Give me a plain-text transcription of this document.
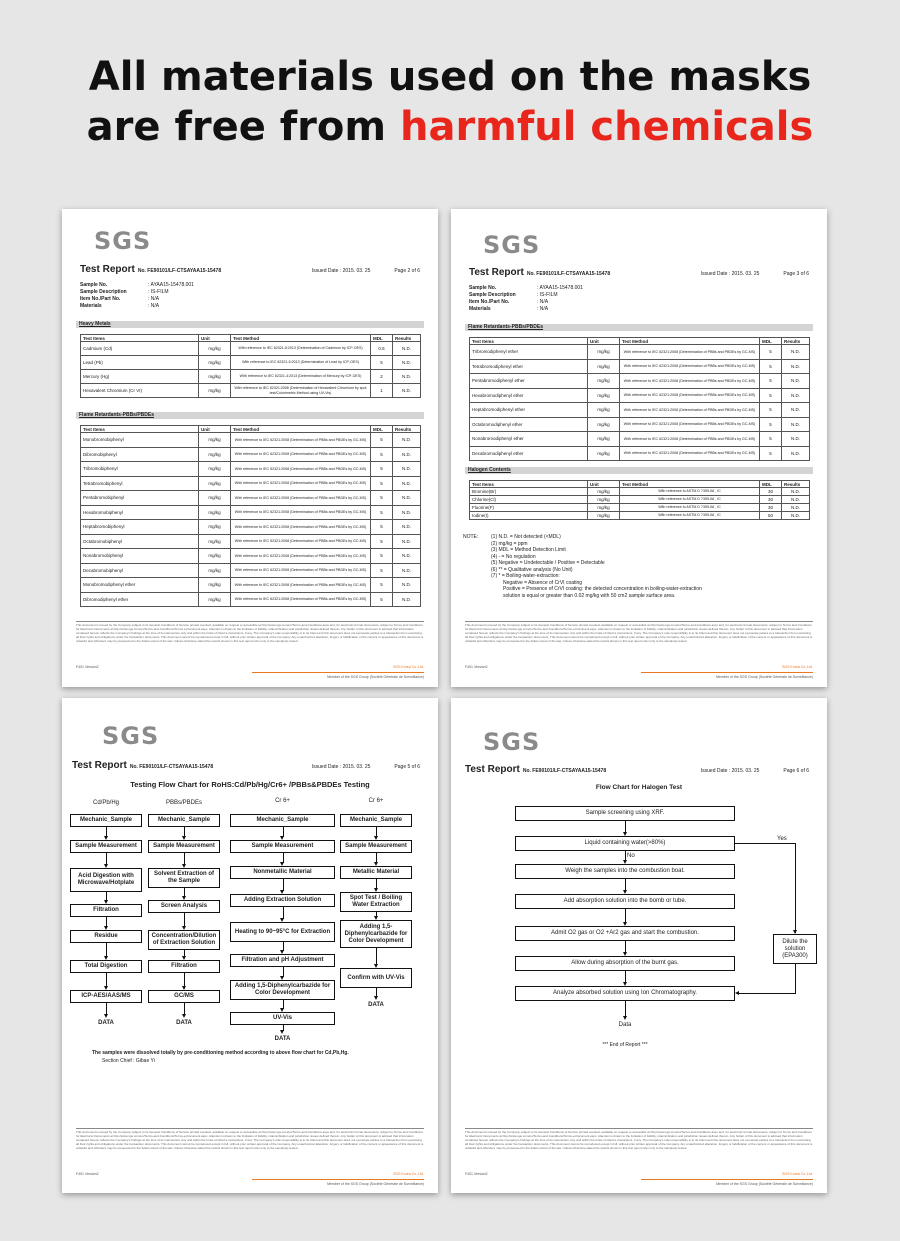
All materials used on the masks
are free from harmful chemicals
SGS
Test Report No. FE90101/LF-CTSAYAA15-15478	Issued Date : 2015. 03. 25	Page 2 of 6
Sample No.	: AYAA15-15478.001
Sample Description	: IS-FILM
Item No./Part No.	: N/A
Materials	: N/A
Heavy Metals
Test Items	Unit	Test Method	MDL	Results
Cadmium (Cd)	mg/kg	With reference to IEC 62321-5:2013 (Determination of Cadmium by ICP-OES)	0.5	N.D.
Lead (Pb)	mg/kg	With reference to IEC 62321-5:2013 (Determination of Lead by ICP-OES)	5	N.D.
Mercury (Hg)	mg/kg	With reference to IEC 62321-4:2013 (Determination of Mercury by ICP-OES)	2	N.D.
Hexavalent Chromium (Cr VI)	mg/kg	With reference to IEC 62321:2008 (Determination of Hexavalent Chromium by spot test/Colorimetric Method using UV-Vis)	1	N.D.
Flame Retardants-PBBs/PBDEs
Test Items	Unit	Test Method	MDL	Results
Monobromobiphenyl	mg/kg	With reference to IEC 62321:2008 (Determination of PBBs and PBDEs by GC-MS)	5	N.D.
Dibromobiphenyl	mg/kg	With reference to IEC 62321:2008 (Determination of PBBs and PBDEs by GC-MS)	5	N.D.
Tribromobiphenyl	mg/kg	With reference to IEC 62321:2008 (Determination of PBBs and PBDEs by GC-MS)	5	N.D.
Tetrabromobiphenyl	mg/kg	With reference to IEC 62321:2008 (Determination of PBBs and PBDEs by GC-MS)	5	N.D.
Pentabromobiphenyl	mg/kg	With reference to IEC 62321:2008 (Determination of PBBs and PBDEs by GC-MS)	5	N.D.
Hexabromobiphenyl	mg/kg	With reference to IEC 62321:2008 (Determination of PBBs and PBDEs by GC-MS)	5	N.D.
Heptabromobiphenyl	mg/kg	With reference to IEC 62321:2008 (Determination of PBBs and PBDEs by GC-MS)	5	N.D.
Octabromobiphenyl	mg/kg	With reference to IEC 62321:2008 (Determination of PBBs and PBDEs by GC-MS)	5	N.D.
Nonabromobiphenyl	mg/kg	With reference to IEC 62321:2008 (Determination of PBBs and PBDEs by GC-MS)	5	N.D.
Decabromobiphenyl	mg/kg	With reference to IEC 62321:2008 (Determination of PBBs and PBDEs by GC-MS)	5	N.D.
Monobromodiphenyl ether	mg/kg	With reference to IEC 62321:2008 (Determination of PBBs and PBDEs by GC-MS)	5	N.D.
Dibromodiphenyl ether	mg/kg	With reference to IEC 62321:2008 (Determination of PBBs and PBDEs by GC-MS)	5	N.D.
This document is issued by the Company subject to its General Conditions of Service printed overleaf, available on request or accessible at http://www.sgs.com/en/Terms-and-Conditions.aspx and, for electronic format documents, subject to Terms and Conditions for Electronic Documents at http://www.sgs.com/en/Terms-and-Conditions/Terms-e-Document.aspx. Attention is drawn to the limitation of liability, indemnification and jurisdiction issues defined therein. Any holder of this document is advised that information contained hereon reflects the Company's findings at the time of its intervention only and within the limits of Client's instructions, if any. The Company's sole responsibility is to its Client and this document does not exonerate parties to a transaction from exercising all their rights and obligations under the transaction documents. This document cannot be reproduced except in full, without prior written approval of the Company. Any unauthorized alteration, forgery or falsification of the content or appearance of this document is unlawful and offenders may be prosecuted to the fullest extent of the law. Unless otherwise stated the results shown in this test report refer only to the sample(s) tested.
F401 Version2	SGS Korea Co.,Ltd.
Member of the SGS Group (Société Générale de Surveillance)
SGS
Test Report No. FE90101/LF-CTSAYAA15-15478	Issued Date : 2015. 03. 25	Page 3 of 6
Sample No.	: AYAA15-15478.001
Sample Description	: IS-FILM
Item No./Part No.	: N/A
Materials	: N/A
Flame Retardants-PBBs/PBDEs
Test Items	Unit	Test Method	MDL	Results
Tribromodiphenyl ether	mg/kg	With reference to IEC 62321:2008 (Determination of PBBs and PBDEs by GC-MS)	5	N.D.
Tetrabromodiphenyl ether	mg/kg	With reference to IEC 62321:2008 (Determination of PBBs and PBDEs by GC-MS)	5	N.D.
Pentabromodiphenyl ether	mg/kg	With reference to IEC 62321:2008 (Determination of PBBs and PBDEs by GC-MS)	5	N.D.
Hexabromodiphenyl ether	mg/kg	With reference to IEC 62321:2008 (Determination of PBBs and PBDEs by GC-MS)	5	N.D.
Heptabromodiphenyl ether	mg/kg	With reference to IEC 62321:2008 (Determination of PBBs and PBDEs by GC-MS)	5	N.D.
Octabromodiphenyl ether	mg/kg	With reference to IEC 62321:2008 (Determination of PBBs and PBDEs by GC-MS)	5	N.D.
Nonabromodiphenyl ether	mg/kg	With reference to IEC 62321:2008 (Determination of PBBs and PBDEs by GC-MS)	5	N.D.
Decabromodiphenyl ether	mg/kg	With reference to IEC 62321:2008 (Determination of PBBs and PBDEs by GC-MS)	5	N.D.
Halogen Contents
Test Items	Unit	Test Method	MDL	Results
Bromine(Br)	mg/kg	With reference to ASTM D 7359-08 , IC	30	N.D.
Chlorine(Cl)	mg/kg	With reference to ASTM D 7359-08 , IC	30	N.D.
Fluorine(F)	mg/kg	With reference to ASTM D 7359-08 , IC	30	N.D.
Iodine(I)	mg/kg	With reference to ASTM D 7359-08 , IC	50	N.D.
NOTE:	(1) N.D. = Not detected (<MDL)
(2) mg/kg = ppm
(3) MDL = Method Detection Limit
(4) - = No regulation
(5) Negative = Undetectable / Positive = Detectable
(6) ** = Qualitative analysis (No Unit)
(7) * = Boiling-water-extraction:
Negative = Absence of CrVI coating
Positive = Presence of CrVI coating: the detected concentration in boiling-water-extraction
solution is equal or greater than 0.02 mg/kg with 50 cm2 sample surface area.
This document is issued by the Company subject to its General Conditions of Service printed overleaf, available on request or accessible at http://www.sgs.com/en/Terms-and-Conditions.aspx and, for electronic format documents, subject to Terms and Conditions for Electronic Documents at http://www.sgs.com/en/Terms-and-Conditions/Terms-e-Document.aspx. Attention is drawn to the limitation of liability, indemnification and jurisdiction issues defined therein. Any holder of this document is advised that information contained hereon reflects the Company's findings at the time of its intervention only and within the limits of Client's instructions, if any. The Company's sole responsibility is to its Client and this document does not exonerate parties to a transaction from exercising all their rights and obligations under the transaction documents. This document cannot be reproduced except in full, without prior written approval of the Company. Any unauthorized alteration, forgery or falsification of the content or appearance of this document is unlawful and offenders may be prosecuted to the fullest extent of the law. Unless otherwise stated the results shown in this test report refer only to the sample(s) tested.
F401 Version2	SGS Korea Co.,Ltd.
Member of the SGS Group (Société Générale de Surveillance)
SGS
Test Report No. FE90101/LF-CTSAYAA15-15478	Issued Date : 2015. 03. 25	Page 5 of 6
Testing Flow Chart for RoHS:Cd/Pb/Hg/Cr6+ /PBBs&PBDEs Testing
The samples were dissolved totally by pre-conditioning method according to above flow chart for Cd,Pb,Hg.
Section Chief : Gibae Yi
This document is issued by the Company subject to its General Conditions of Service printed overleaf, available on request or accessible at http://www.sgs.com/en/Terms-and-Conditions.aspx and, for electronic format documents, subject to Terms and Conditions for Electronic Documents at http://www.sgs.com/en/Terms-and-Conditions/Terms-e-Document.aspx. Attention is drawn to the limitation of liability, indemnification and jurisdiction issues defined therein. Any holder of this document is advised that information contained hereon reflects the Company's findings at the time of its intervention only and within the limits of Client's instructions, if any. The Company's sole responsibility is to its Client and this document does not exonerate parties to a transaction from exercising all their rights and obligations under the transaction documents. This document cannot be reproduced except in full, without prior written approval of the Company. Any unauthorized alteration, forgery or falsification of the content or appearance of this document is unlawful and offenders may be prosecuted to the fullest extent of the law. Unless otherwise stated the results shown in this test report refer only to the sample(s) tested.
F401 Version2	SGS Korea Co.,Ltd.
Member of the SGS Group (Société Générale de Surveillance)
Cd/Pb/Hg	PBBs/PBDEs	Cr 6+	Cr 6+
Mechanic_Sample
Sample Measurement
Acid Digestion with Microwave/Hotplate
Filtration
Residue
Total Digestion
ICP-AES/AAS/MS
DATA
Mechanic_Sample
Sample Measurement
Solvent Extraction of the Sample
Screen Analysis
Concentration/Dilution of Extraction Solution
Filtration
GC/MS
DATA
Mechanic_Sample
Sample Measurement
Nonmetallic Material
Adding Extraction Solution
Heating to 90~95°C for Extraction
Filtration and pH Adjustment
Adding 1,5-Diphenylcarbazide for Color Development
UV-Vis
DATA
Mechanic_Sample
Sample Measurement
Metallic Material
Spot Test / Boiling Water Extraction
Adding 1,5-Diphenylcarbazide for Color Development
Confirm with UV-Vis
DATA
SGS
Test Report No. FE90101/LF-CTSAYAA15-15478	Issued Date : 2015. 03. 25	Page 6 of 6
Flow Chart for Halogen Test
This document is issued by the Company subject to its General Conditions of Service printed overleaf, available on request or accessible at http://www.sgs.com/en/Terms-and-Conditions.aspx and, for electronic format documents, subject to Terms and Conditions for Electronic Documents at http://www.sgs.com/en/Terms-and-Conditions/Terms-e-Document.aspx. Attention is drawn to the limitation of liability, indemnification and jurisdiction issues defined therein. Any holder of this document is advised that information contained hereon reflects the Company's findings at the time of its intervention only and within the limits of Client's instructions, if any. The Company's sole responsibility is to its Client and this document does not exonerate parties to a transaction from exercising all their rights and obligations under the transaction documents. This document cannot be reproduced except in full, without prior written approval of the Company. Any unauthorized alteration, forgery or falsification of the content or appearance of this document is unlawful and offenders may be prosecuted to the fullest extent of the law. Unless otherwise stated the results shown in this test report refer only to the sample(s) tested.
F401 Version2	SGS Korea Co.,Ltd.
Member of the SGS Group (Société Générale de Surveillance)
Sample screening using XRF.
Liquid containing water(>80%)
Weigh the samples into the combustion boat.
Add absorption solution into the bomb or tube.
Admit O2 gas or O2 +Ar2 gas and start the combustion.
Allow during absorption of the burnt gas.
Analyze absorbed solution using Ion Chromatography.
No
Yes
Dilute the solution (EPA300)
Data
*** End of Report ***
